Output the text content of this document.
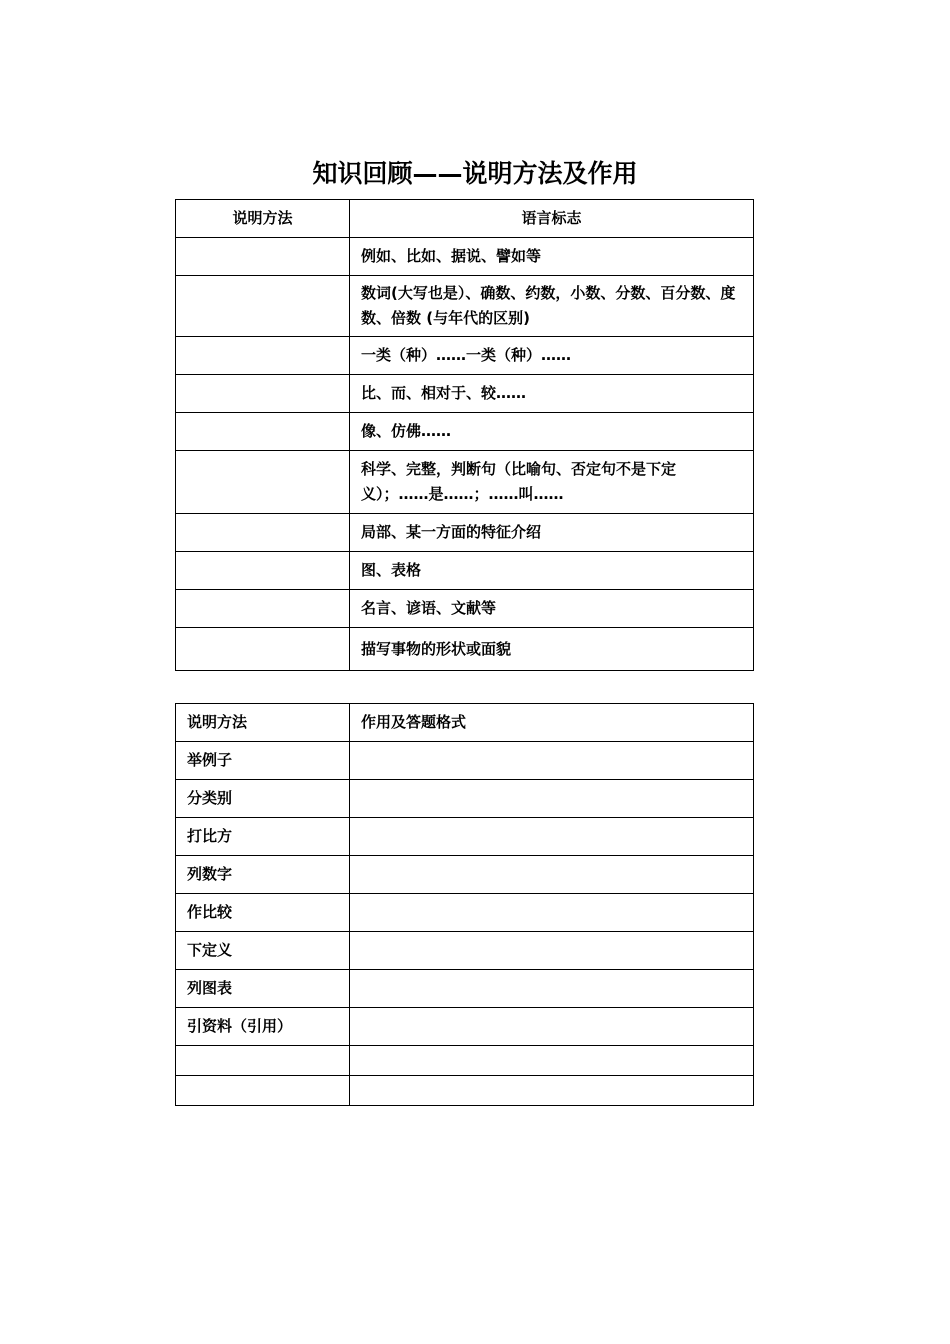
知识回顾——说明方法及作用
说明方法	语言标志
	例如、比如、据说、譬如等
	数词(大写也是）、确数、约数，小数、分数、百分数、度数、倍数 (与年代的区别)
	一类（种）……一类（种）……
	比、而、相对于、较……
	像、仿佛……
	科学、完整，判断句（比喻句、否定句不是下定义）；……是……；……叫……
	局部、某一方面的特征介绍
	图、表格
	名言、谚语、文献等
	描写事物的形状或面貌
说明方法	作用及答题格式
举例子	
分类别	
打比方	
列数字	
作比较	
下定义	
列图表	
引资料（引用）	
